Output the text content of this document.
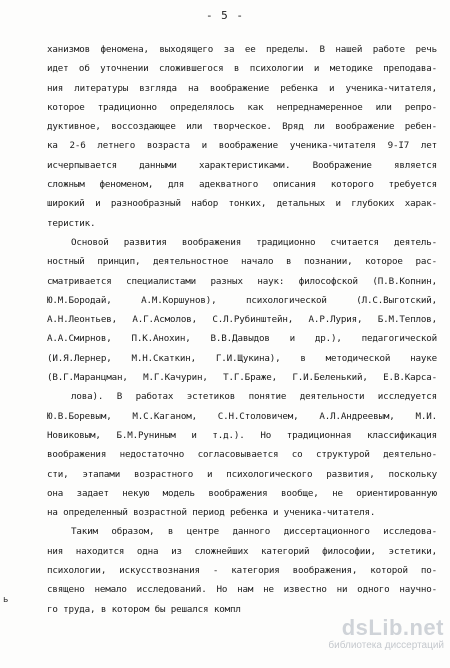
- 5 -
ханизмов феномена, выходящего за ее пределы. В нашей работе речь
идет об уточнении сложившегося в психологии и методике преподава-
ния литературы взгляда на воображение ребенка и ученика-читателя,
которое традиционно определялось как непреднамеренное или репро-
дуктивное, воссоздающее или творческое. Вряд ли воображение ребен-
ка 2-6 летнего возраста и воображение ученика-читателя 9-I7 лет
исчерпывается данными характеристиками. Воображение является
сложным феноменом, для адекватного описания которого требуется
широкий и разнообразный набор тонких, детальных и глубоких харак-
теристик.
Основой развития воображения традиционно считается деятель-
ностный принцип, деятельностное начало в познании, которое рас-
сматривается специалистами разных наук: философской (П.В.Копнин,
Ю.М.Бородай, А.М.Коршунов), психологической (Л.С.Выготский,
А.Н.Леонтьев, А.Г.Асмолов, С.Л.Рубинштейн, А.Р.Лурия, Б.М.Теплов,
А.А.Смирнов, П.К.Анохин, В.В.Давыдов и др.), педагогической
(И.Я.Лернер, М.Н.Скаткин, Г.И.Щукина), в методической науке
(В.Г.Маранцман, М.Г.Качурин, Т.Г.Браже, Г.И.Беленький, Е.В.Карса-
лова). В работах эстетиков понятие деятельности исследуется
Ю.В.Боревым, М.С.Каганом, С.Н.Столовичем, А.Л.Андреевым, М.И.
Новиковым, Б.М.Руниным и т.д.). Но традиционная классификация
воображения недостаточно согласовывается со структурой деятельно-
сти, этапами возрастного и психологического развития, поскольку
она задает некую модель воображения вообще, не ориентированную
на определенный возрастной период ребенка и ученика-читателя.
Таким образом, в центре данного диссертационного исследова-
ния находится одна из сложнейших категорий философии, эстетики,
психологии, искусствознания - категория воображения, которой по-
священо немало исследований. Но нам не известно ни одного научно-
го труда, в котором бы решался компл
ь
dsLib.net
библиотека диссертаций
